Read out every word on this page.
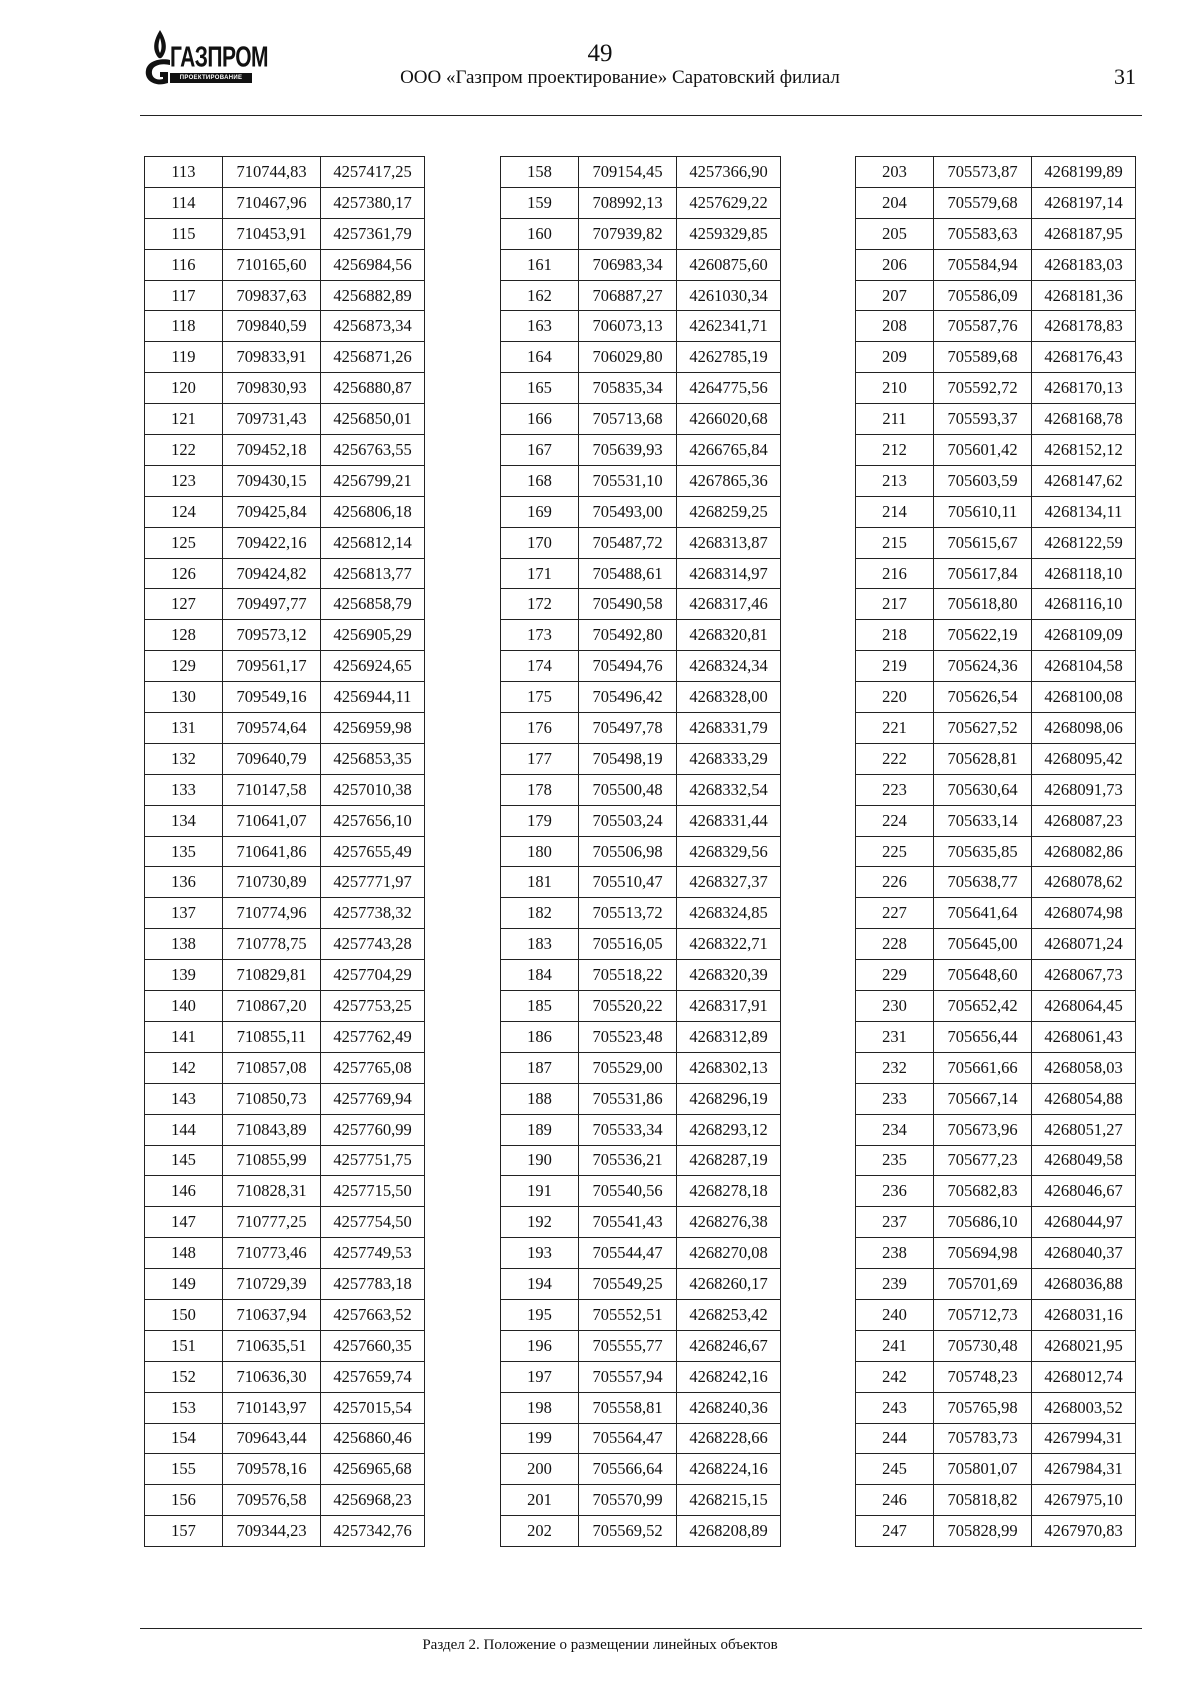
ГАЗПРОМ
ПРОЕКТИРОВАНИЕ
49
ООО «Газпром проектирование» Саратовский филиал	31
113	710744,83	4257417,25
114	710467,96	4257380,17
115	710453,91	4257361,79
116	710165,60	4256984,56
117	709837,63	4256882,89
118	709840,59	4256873,34
119	709833,91	4256871,26
120	709830,93	4256880,87
121	709731,43	4256850,01
122	709452,18	4256763,55
123	709430,15	4256799,21
124	709425,84	4256806,18
125	709422,16	4256812,14
126	709424,82	4256813,77
127	709497,77	4256858,79
128	709573,12	4256905,29
129	709561,17	4256924,65
130	709549,16	4256944,11
131	709574,64	4256959,98
132	709640,79	4256853,35
133	710147,58	4257010,38
134	710641,07	4257656,10
135	710641,86	4257655,49
136	710730,89	4257771,97
137	710774,96	4257738,32
138	710778,75	4257743,28
139	710829,81	4257704,29
140	710867,20	4257753,25
141	710855,11	4257762,49
142	710857,08	4257765,08
143	710850,73	4257769,94
144	710843,89	4257760,99
145	710855,99	4257751,75
146	710828,31	4257715,50
147	710777,25	4257754,50
148	710773,46	4257749,53
149	710729,39	4257783,18
150	710637,94	4257663,52
151	710635,51	4257660,35
152	710636,30	4257659,74
153	710143,97	4257015,54
154	709643,44	4256860,46
155	709578,16	4256965,68
156	709576,58	4256968,23
157	709344,23	4257342,76
158	709154,45	4257366,90
159	708992,13	4257629,22
160	707939,82	4259329,85
161	706983,34	4260875,60
162	706887,27	4261030,34
163	706073,13	4262341,71
164	706029,80	4262785,19
165	705835,34	4264775,56
166	705713,68	4266020,68
167	705639,93	4266765,84
168	705531,10	4267865,36
169	705493,00	4268259,25
170	705487,72	4268313,87
171	705488,61	4268314,97
172	705490,58	4268317,46
173	705492,80	4268320,81
174	705494,76	4268324,34
175	705496,42	4268328,00
176	705497,78	4268331,79
177	705498,19	4268333,29
178	705500,48	4268332,54
179	705503,24	4268331,44
180	705506,98	4268329,56
181	705510,47	4268327,37
182	705513,72	4268324,85
183	705516,05	4268322,71
184	705518,22	4268320,39
185	705520,22	4268317,91
186	705523,48	4268312,89
187	705529,00	4268302,13
188	705531,86	4268296,19
189	705533,34	4268293,12
190	705536,21	4268287,19
191	705540,56	4268278,18
192	705541,43	4268276,38
193	705544,47	4268270,08
194	705549,25	4268260,17
195	705552,51	4268253,42
196	705555,77	4268246,67
197	705557,94	4268242,16
198	705558,81	4268240,36
199	705564,47	4268228,66
200	705566,64	4268224,16
201	705570,99	4268215,15
202	705569,52	4268208,89
203	705573,87	4268199,89
204	705579,68	4268197,14
205	705583,63	4268187,95
206	705584,94	4268183,03
207	705586,09	4268181,36
208	705587,76	4268178,83
209	705589,68	4268176,43
210	705592,72	4268170,13
211	705593,37	4268168,78
212	705601,42	4268152,12
213	705603,59	4268147,62
214	705610,11	4268134,11
215	705615,67	4268122,59
216	705617,84	4268118,10
217	705618,80	4268116,10
218	705622,19	4268109,09
219	705624,36	4268104,58
220	705626,54	4268100,08
221	705627,52	4268098,06
222	705628,81	4268095,42
223	705630,64	4268091,73
224	705633,14	4268087,23
225	705635,85	4268082,86
226	705638,77	4268078,62
227	705641,64	4268074,98
228	705645,00	4268071,24
229	705648,60	4268067,73
230	705652,42	4268064,45
231	705656,44	4268061,43
232	705661,66	4268058,03
233	705667,14	4268054,88
234	705673,96	4268051,27
235	705677,23	4268049,58
236	705682,83	4268046,67
237	705686,10	4268044,97
238	705694,98	4268040,37
239	705701,69	4268036,88
240	705712,73	4268031,16
241	705730,48	4268021,95
242	705748,23	4268012,74
243	705765,98	4268003,52
244	705783,73	4267994,31
245	705801,07	4267984,31
246	705818,82	4267975,10
247	705828,99	4267970,83
Раздел 2. Положение о размещении линейных объектов
